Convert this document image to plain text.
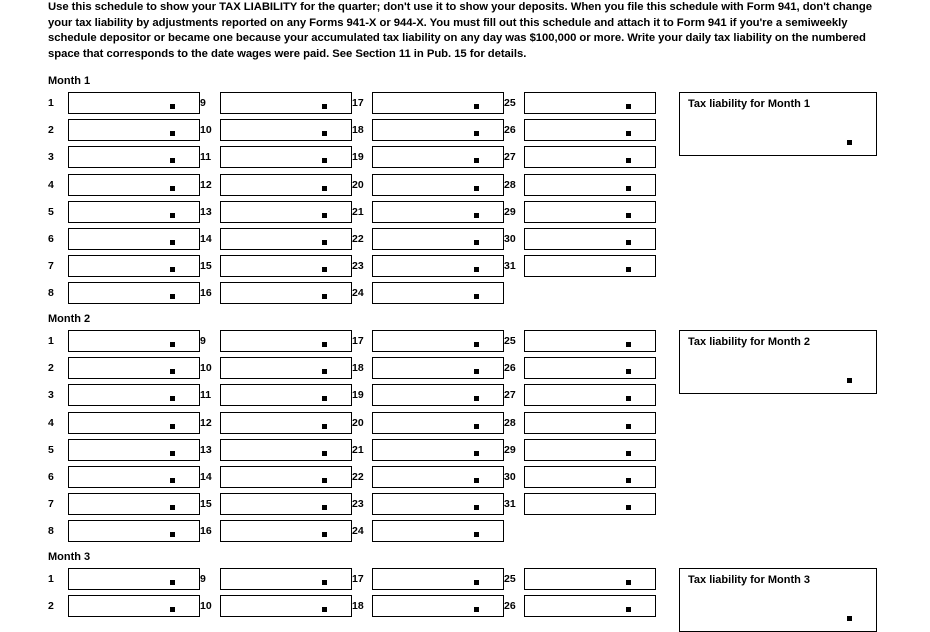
Use this schedule to show your TAX LIABILITY for the quarter; don't use it to show your deposits. When you file this schedule with Form 941, don't change your tax liability by adjustments reported on any Forms 941-X or 944-X. You must fill out this schedule and attach it to Form 941 if you're a semiweekly schedule depositor or became one because your accumulated tax liability on any day was $100,000 or more. Write your daily tax liability on the numbered space that corresponds to the date wages were paid. See Section 11 in Pub. 15 for details.

Month 1
1
2
3
4
5
6
7
8
9
10
11
12
13
14
15
16
17
18
19
20
21
22
23
24
25
26
27
28
29
30
31
Tax liability for Month 1
Month 2
1
2
3
4
5
6
7
8
9
10
11
12
13
14
15
16
17
18
19
20
21
22
23
24
25
26
27
28
29
30
31
Tax liability for Month 2
Month 3
1
2
9
10
17
18
25
26
Tax liability for Month 3
